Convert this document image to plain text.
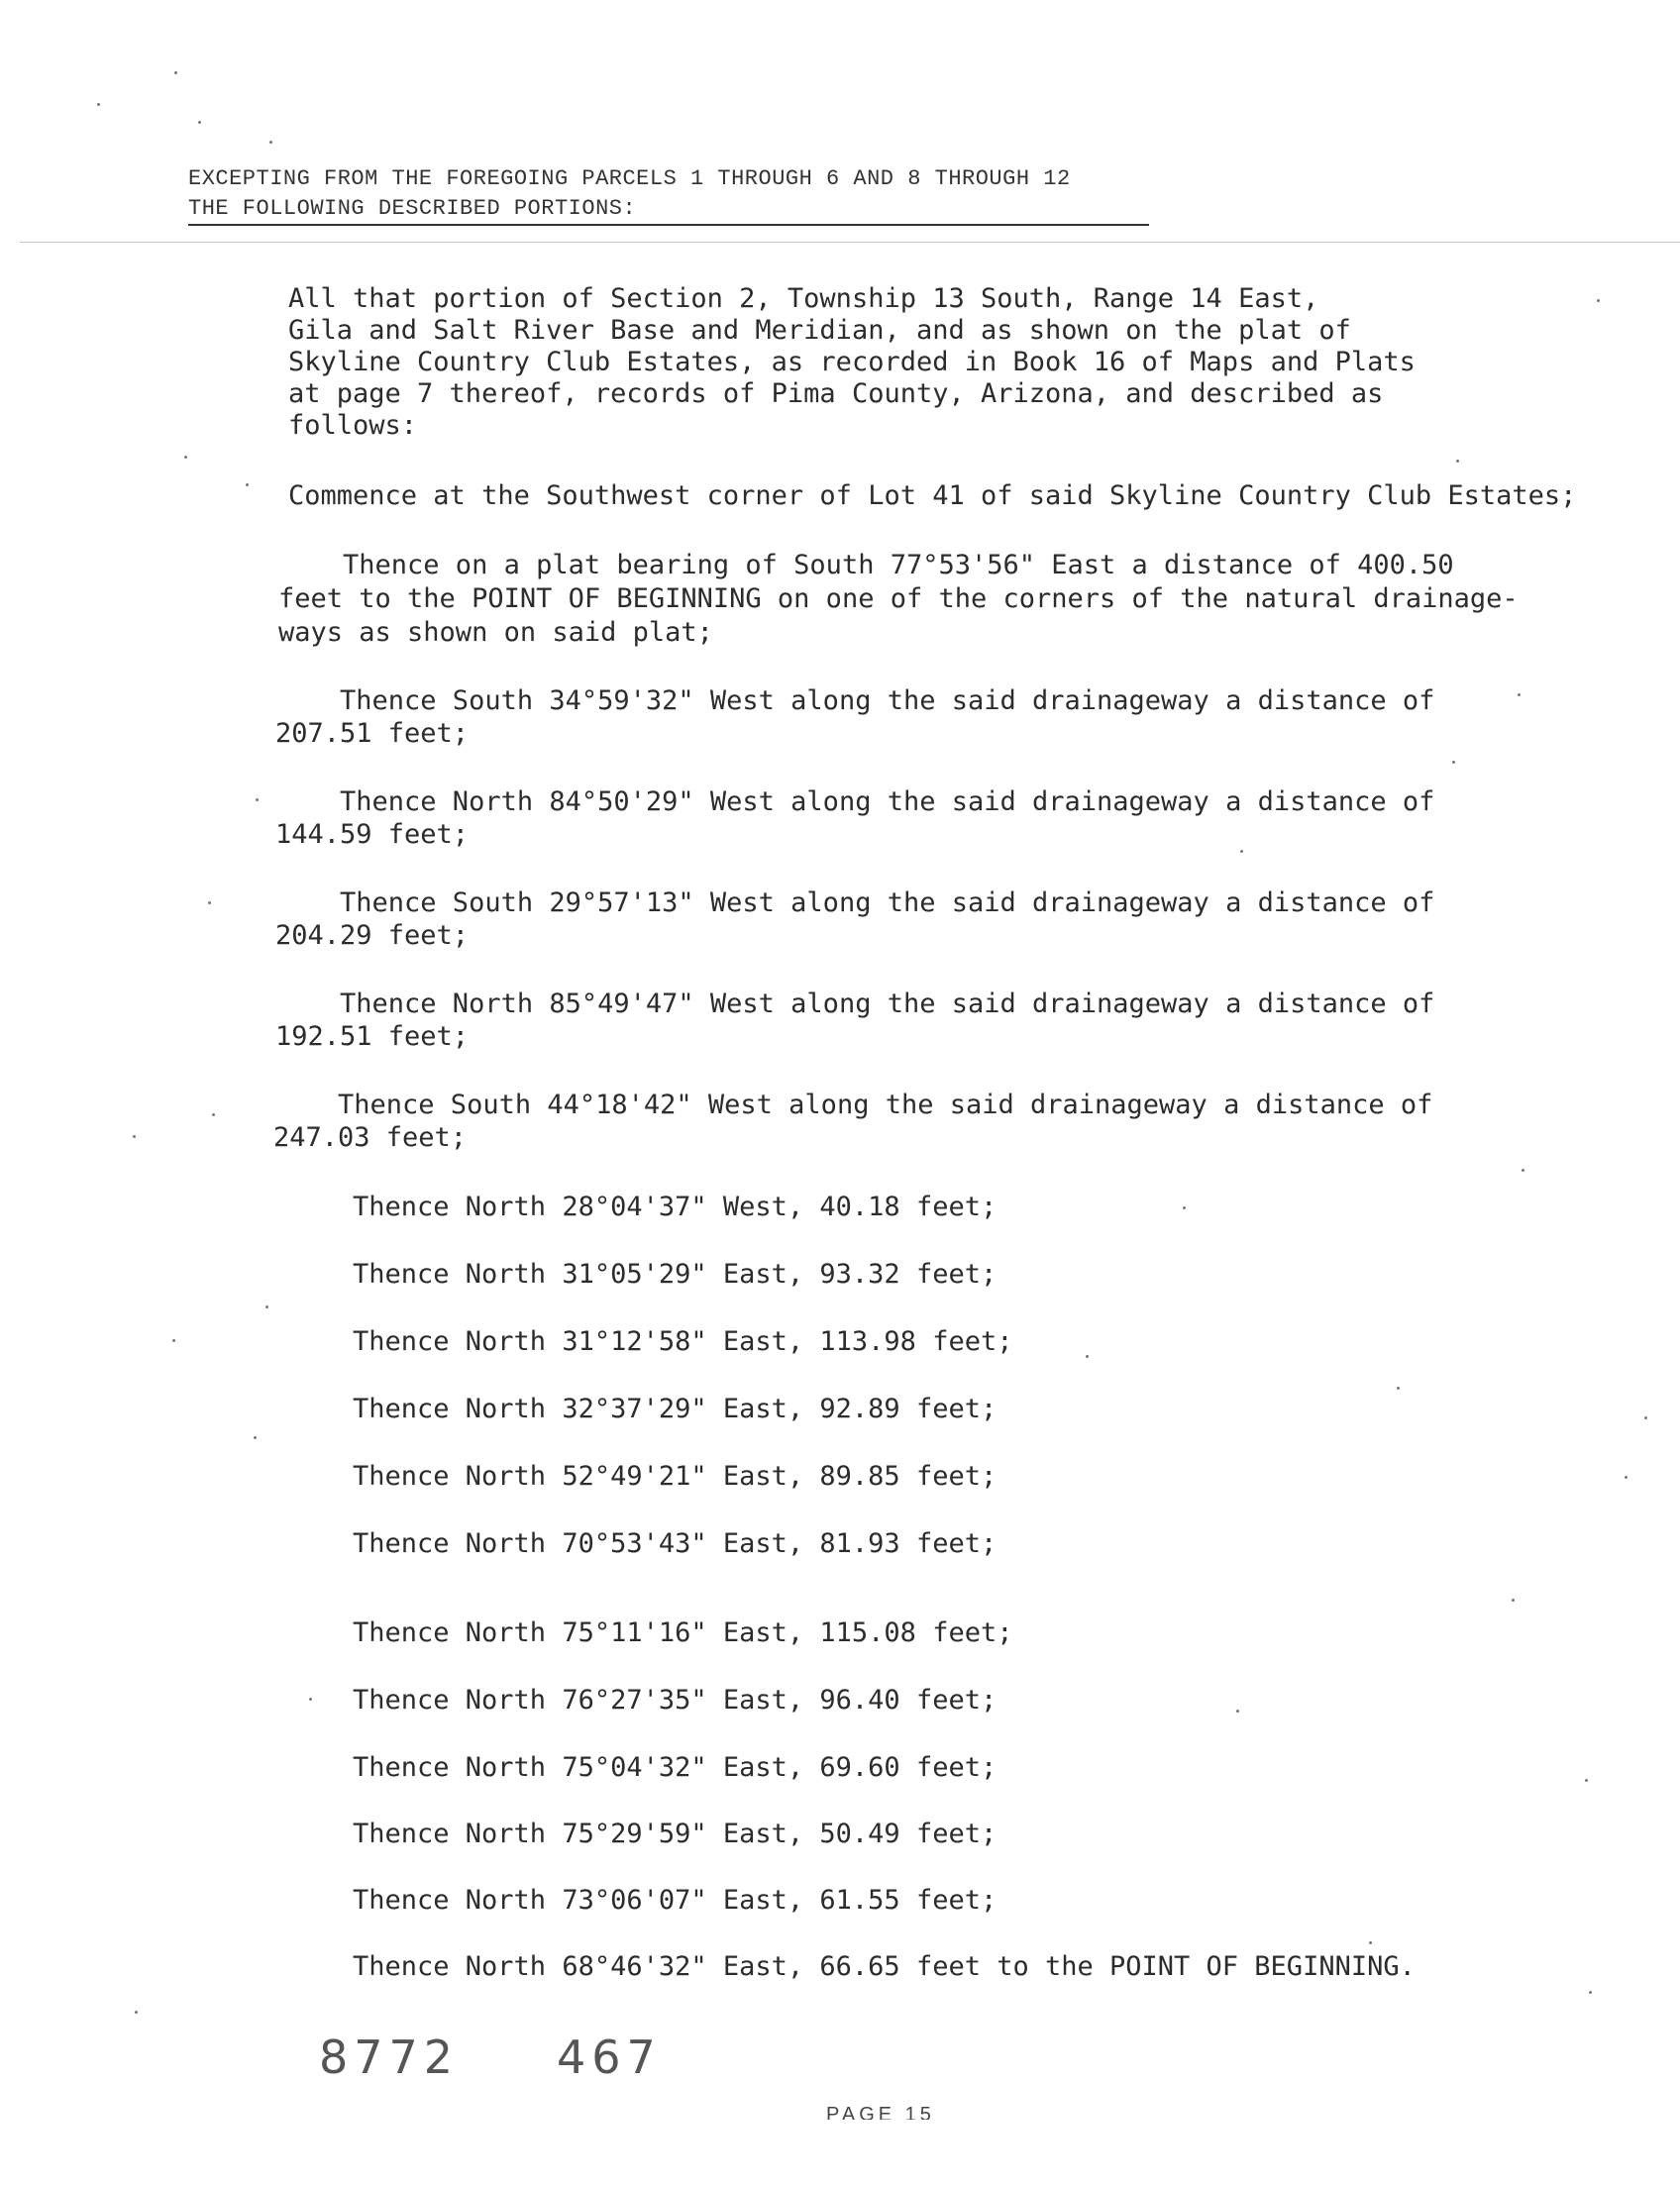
EXCEPTING FROM THE FOREGOING PARCELS 1 THROUGH 6 AND 8 THROUGH 12
THE FOLLOWING DESCRIBED PORTIONS:
All that portion of Section 2, Township 13 South, Range 14 East,
Gila and Salt River Base and Meridian, and as shown on the plat of
Skyline Country Club Estates, as recorded in Book 16 of Maps and Plats
at page 7 thereof, records of Pima County, Arizona, and described as
follows:
Commence at the Southwest corner of Lot 41 of said Skyline Country Club Estates;
Thence on a plat bearing of South 77°53'56" East a distance of 400.50
feet to the POINT OF BEGINNING on one of the corners of the natural drainage-
ways as shown on said plat;
Thence South 34°59'32" West along the said drainageway a distance of
207.51 feet;
Thence North 84°50'29" West along the said drainageway a distance of
144.59 feet;
Thence South 29°57'13" West along the said drainageway a distance of
204.29 feet;
Thence North 85°49'47" West along the said drainageway a distance of
192.51 feet;
Thence South 44°18'42" West along the said drainageway a distance of
247.03 feet;
Thence North 28°04'37" West, 40.18 feet;
Thence North 31°05'29" East, 93.32 feet;
Thence North 31°12'58" East, 113.98 feet;
Thence North 32°37'29" East, 92.89 feet;
Thence North 52°49'21" East, 89.85 feet;
Thence North 70°53'43" East, 81.93 feet;
Thence North 75°11'16" East, 115.08 feet;
Thence North 76°27'35" East, 96.40 feet;
Thence North 75°04'32" East, 69.60 feet;
Thence North 75°29'59" East, 50.49 feet;
Thence North 73°06'07" East, 61.55 feet;
Thence North 68°46'32" East, 66.65 feet to the POINT OF BEGINNING.
8772 467
PAGE 15
